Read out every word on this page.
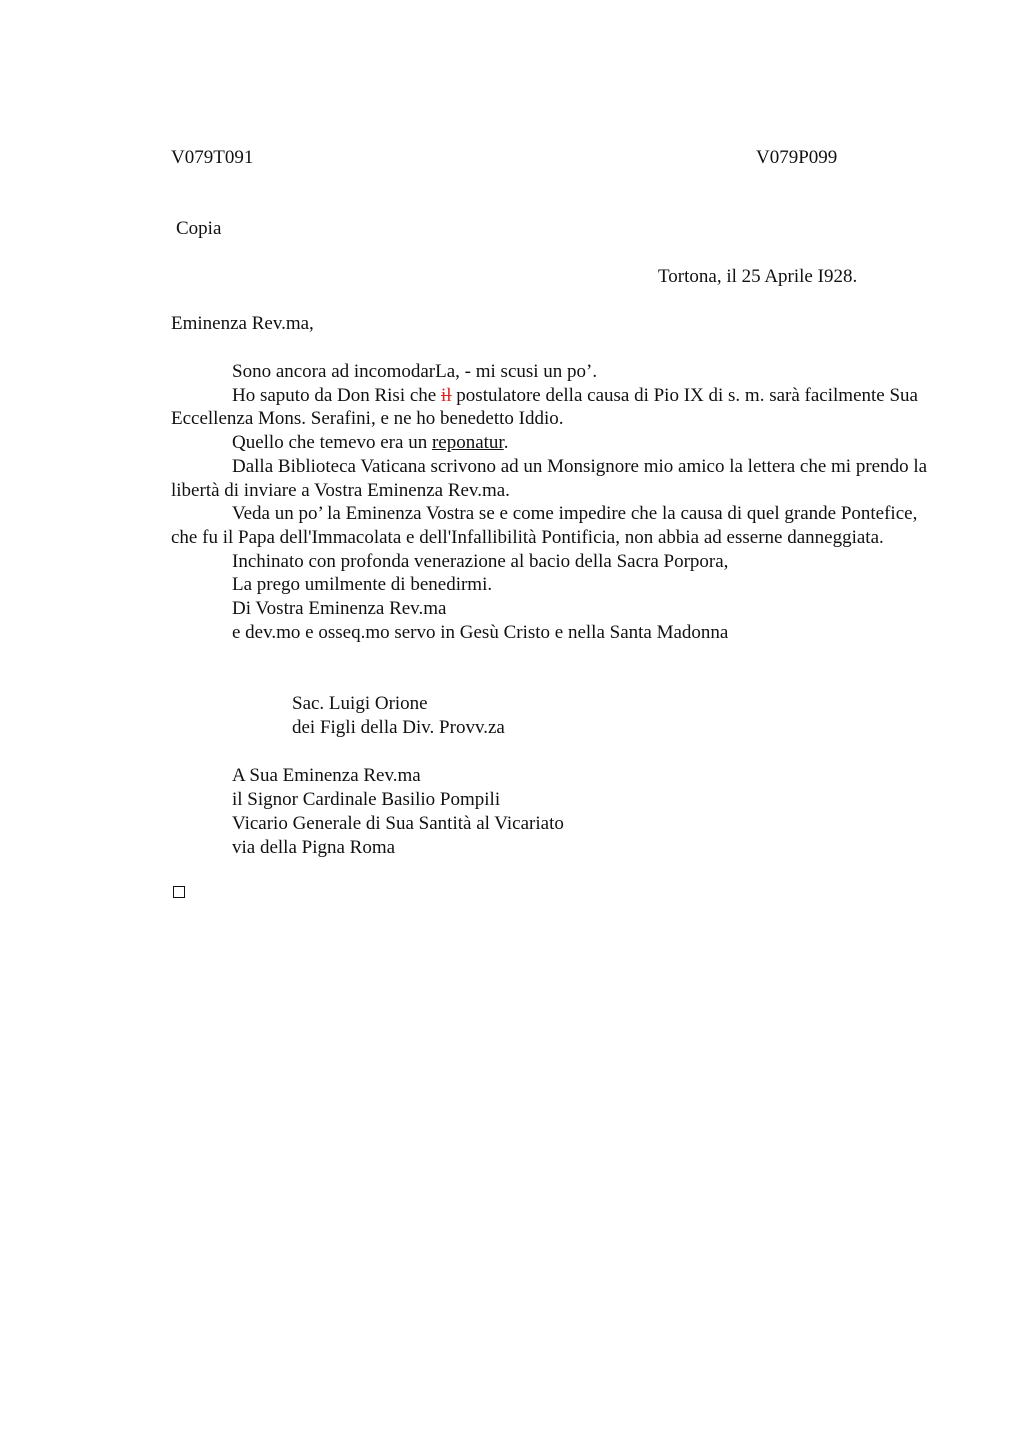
V079T091	V079P099
Copia
Tortona, il 25 Aprile I928.
Eminenza Rev.ma,

Sono ancora ad incomodarLa, - mi scusi un po’.

Ho saputo da Don Risi che il postulatore della causa di Pio IX di s. m. sarà facilmente Sua Eccellenza Mons. Serafini, e ne ho benedetto Iddio.

Quello che temevo era un reponatur.

Dalla Biblioteca Vaticana scrivono ad un Monsignore mio amico la lettera che mi prendo la libertà di inviare a Vostra Eminenza Rev.ma.

Veda un po’ la Eminenza Vostra se e come impedire che la causa di quel grande Pontefice, che fu il Papa dell'Immacolata e dell'Infallibilità Pontificia, non abbia ad esserne danneggiata.

Inchinato con profonda venerazione al bacio della Sacra Porpora,

La prego umilmente di benedirmi.

Di Vostra Eminenza Rev.ma

e dev.mo e osseq.mo servo in Gesù Cristo e nella Santa Madonna

Sac. Luigi Orione
dei Figli della Div. Provv.za
A Sua Eminenza Rev.ma
il Signor Cardinale Basilio Pompili
Vicario Generale di Sua Santità al Vicariato
via della Pigna Roma
